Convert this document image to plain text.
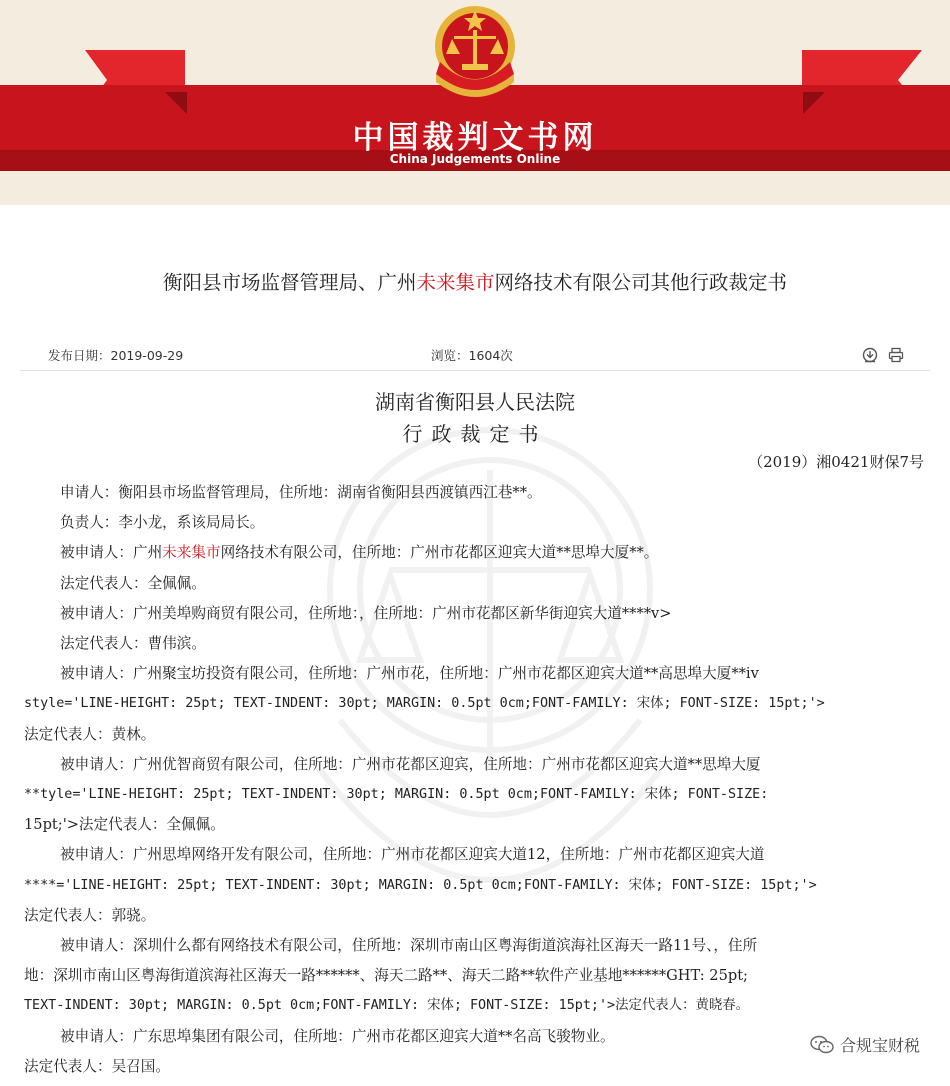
中国裁判文书网
China Judgements Online
衡阳县市场监督管理局、广州未来集市网络技术有限公司其他行政裁定书
发布日期：2019-09-29	浏览：1604次
湖南省衡阳县人民法院
行政裁定书
（2019）湘0421财保7号

申请人：衡阳县市场监督管理局，住所地：湖南省衡阳县西渡镇西江巷**。

负责人：李小龙，系该局局长。

被申请人：广州未来集市网络技术有限公司，住所地：广州市花都区迎宾大道**思埠大厦**。

法定代表人：全佩佩。

被申请人：广州美埠购商贸有限公司，住所地：，住所地：广州市花都区新华街迎宾大道****v>

法定代表人：曹伟滨。

被申请人：广州聚宝坊投资有限公司，住所地：广州市花，住所地：广州市花都区迎宾大道**高思埠大厦**iv

style='LINE-HEIGHT: 25pt; TEXT-INDENT: 30pt; MARGIN: 0.5pt 0cm;FONT-FAMILY: 宋体; FONT-SIZE: 15pt;'>

法定代表人：黄林。

被申请人：广州优智商贸有限公司，住所地：广州市花都区迎宾，住所地：广州市花都区迎宾大道**思埠大厦

**tyle='LINE-HEIGHT: 25pt; TEXT-INDENT: 30pt; MARGIN: 0.5pt 0cm;FONT-FAMILY: 宋体; FONT-SIZE:

15pt;'>法定代表人：全佩佩。

被申请人：广州思埠网络开发有限公司，住所地：广州市花都区迎宾大道12，住所地：广州市花都区迎宾大道

****='LINE-HEIGHT: 25pt; TEXT-INDENT: 30pt; MARGIN: 0.5pt 0cm;FONT-FAMILY: 宋体; FONT-SIZE: 15pt;'>

法定代表人：郭骁。

被申请人：深圳什么都有网络技术有限公司，住所地：深圳市南山区粤海街道滨海社区海天一路11号、，住所

地：深圳市南山区粤海街道滨海社区海天一路******、海天二路**、海天二路**软件产业基地******GHT: 25pt;

TEXT-INDENT: 30pt; MARGIN: 0.5pt 0cm;FONT-FAMILY: 宋体; FONT-SIZE: 15pt;'>法定代表人：黄晓春。

被申请人：广东思埠集团有限公司，住所地：广州市花都区迎宾大道**名高飞骏物业。

法定代表人：吴召国。

合规宝财税
